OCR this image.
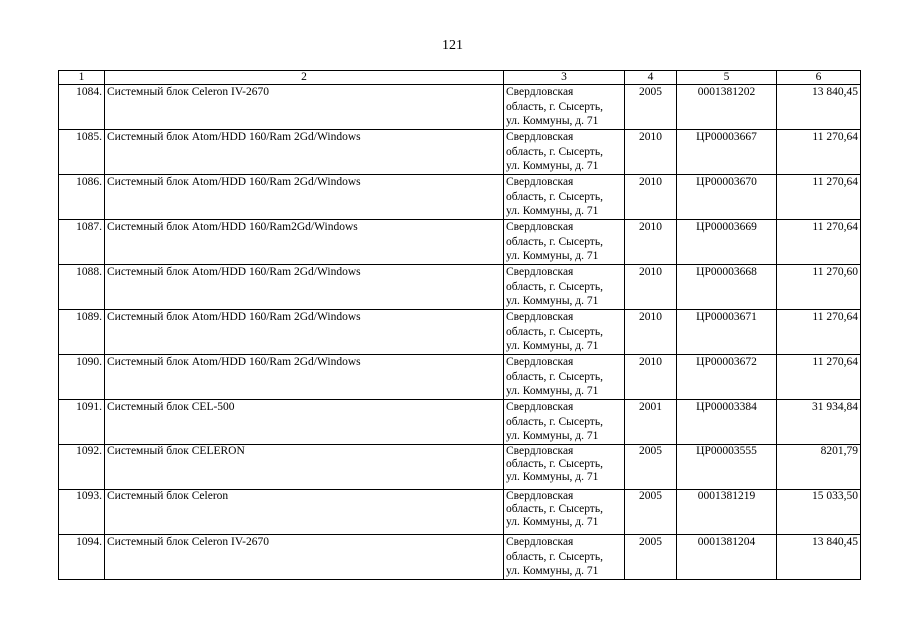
121
1	2	3	4	5	6
1084.	Системный блок Celeron IV-2670	Свердловская
область, г. Сысерть,
ул. Коммуны, д. 71	2005	0001381202	13 840,45
1085.	Системный блок Atom/HDD 160/Ram 2Gd/Windows	Свердловская
область, г. Сысерть,
ул. Коммуны, д. 71	2010	ЦР00003667	11 270,64
1086.	Системный блок Atom/HDD 160/Ram 2Gd/Windows	Свердловская
область, г. Сысерть,
ул. Коммуны, д. 71	2010	ЦР00003670	11 270,64
1087.	Системный блок Atom/HDD 160/Ram2Gd/Windows	Свердловская
область, г. Сысерть,
ул. Коммуны, д. 71	2010	ЦР00003669	11 270,64
1088.	Системный блок Atom/HDD 160/Ram 2Gd/Windows	Свердловская
область, г. Сысерть,
ул. Коммуны, д. 71	2010	ЦР00003668	11 270,60
1089.	Системный блок Atom/HDD 160/Ram 2Gd/Windows	Свердловская
область, г. Сысерть,
ул. Коммуны, д. 71	2010	ЦР00003671	11 270,64
1090.	Системный блок Atom/HDD 160/Ram 2Gd/Windows	Свердловская
область, г. Сысерть,
ул. Коммуны, д. 71	2010	ЦР00003672	11 270,64
1091.	Системный блок CEL-500	Свердловская
область, г. Сысерть,
ул. Коммуны, д. 71	2001	ЦР00003384	31 934,84
1092.	Системный блок CELERON	Свердловская
область, г. Сысерть,
ул. Коммуны, д. 71	2005	ЦР00003555	8201,79
1093.	Системный блок Celeron	Свердловская
область, г. Сысерть,
ул. Коммуны, д. 71	2005	0001381219	15 033,50
1094.	Системный блок Celeron IV-2670	Свердловская
область, г. Сысерть,
ул. Коммуны, д. 71	2005	0001381204	13 840,45
